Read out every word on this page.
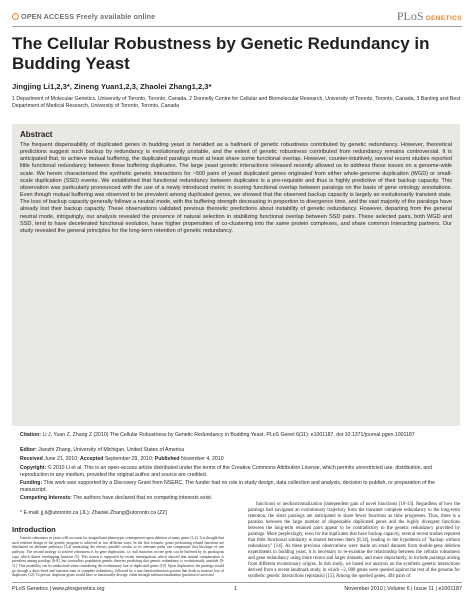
OPEN ACCESS Freely available online	PLoS GENETICS
The Cellular Robustness by Genetic Redundancy in Budding Yeast
Jingjing Li1,2,3*, Zineng Yuan1,2,3, Zhaolei Zhang1,2,3*
1 Department of Molecular Genetics, University of Toronto, Toronto, Canada, 2 Donnelly Centre for Cellular and Biomolecular Research, University of Toronto, Toronto, Canada, 3 Banting and Best Department of Medical Research, University of Toronto, Toronto, Canada
Abstract

The frequent dispensability of duplicated genes in budding yeast is heralded as a hallmark of genetic robustness contributed by genetic redundancy. However, theoretical predictions suggest such backup by redundancy is evolutionarily unstable, and the extent of genetic robustness contributed from redundancy remains controversial. It is anticipated that, to achieve mutual buffering, the duplicated paralogs must at least share some functional overlap. However, counter-intuitively, several recent studies reported little functional redundancy between these buffering duplicates. The large yeast genetic interactions released recently allowed us to address these issues on a genome-wide scale. We herein characterized the synthetic genetic interactions for ~500 pairs of yeast duplicated genes originated from either whole-genome duplication (WGD) or small-scale duplication (SSD) events. We established that functional redundancy between duplicates is a pre-requisite and thus is highly predictive of their backup capacity. This observation was particularly pronounced with the use of a newly introduced metric in scoring functional overlap between paralogs on the basis of gene ontology annotations. Even though mutual buffering was observed to be prevalent among duplicated genes, we showed that the observed backup capacity is largely an evolutionarily transient state. The loss of backup capacity generally follows a neutral mode, with the buffering strength decreasing in proportion to divergence time, and the vast majority of the paralogs have already lost their backup capacity. These observations validated previous theoretic predictions about instability of genetic redundancy. However, departing from the general neutral mode, intriguingly, our analysis revealed the presence of natural selection in stabilizing functional overlap between SSD pairs. These selected pairs, both WGD and SSD, tend to have decelerated functional evolution, have higher propensities of co-clustering into the same protein complexes, and share common interacting partners. Our study revealed the general principles for the long-term retention of genetic redundancy.

Citation: Li J, Yuan Z, Zhang Z (2010) The Cellular Robustness by Genetic Redundancy in Budding Yeast. PLoS Genet 6(11): e1001187. doi:10.1371/journal.pgen.1001187

Editor: Jianzhi Zhang, University of Michigan, United States of America

Received June 21, 2010; Accepted September 29, 2010; Published November 4, 2010

Copyright: © 2010 Li et al. This is an open-access article distributed under the terms of the Creative Commons Attribution License, which permits unrestricted use, distribution, and reproduction in any medium, provided the original author and source are credited.

Funding: This work was supported by a Discovery Grant from NSERC. The funder had no role in study design, data collection and analysis, decision to publish, or preparation of the manuscript.

Competing Interests: The authors have declared that no competing interests exist.

* E-mail: jj.li@utoronto.ca (JL); Zhaolei.Zhang@utoronto.ca (ZZ)

Introduction

Genetic robustness in yeast cells accounts for insignificant phenotypic consequences upon deletion of many genes [1,2]. It is thought that such resilient design of the genetic program is achieved in two different ways. In the first scenario, genes performing related functions are distributed on alternate pathways [3,4] mimicking the electric parallel circuits so its alternate paths can compensate that blockage of one pathway. The second strategy to achieve robustness is by gene duplication, i.e. null mutation on one gene can be buffered by its paralogous copy which shares overlapping function [5]. This notion is supported by recent investigations which showed that mutual compensation is prevalent among paralogs [6-8], but contradicts population genetic theories predicting that genetic redundancy is evolutionarily unstable [9-11]. This instability can be understood when considering the evolutionary fate of duplicated genes [10]. Upon duplication, the paralogs would go through a short-lived and transient state of complete redundancy, followed by a non-functionalization process that leads to massive loss of duplicates [12]. To persist, duplicate genes would have to functionally diverge, either through subfunctionalization (partition of ancestral

functions) or neofunctionalization (independent gain of novel functions) [10-13]. Regardless of how the paralogs had navigated an evolutionary trajectory from the transient complete redundancy to the long-term retention, the sister paralogs are anticipated to share fewer functions as time progresses. Thus, there is a paradox between the large number of dispensable duplicated genes and the highly divergent functions between the long-term retained pairs appear to be contradictory to the genetic redundancy provided by paralogs. More perplexingly, even for the duplicates that have backup capacity, several recent studies reported that little functional similarity is shared between them [8,14], leading to the hypothesis of "backup without redundancy" [14]. As these previous observations were made on small datasets from double-gene deletion experiments in budding yeast, it is necessary to re-examine the relationship between the cellular robustness and gene redundancy using more recent and larger datasets, and more importantly, to include paralogs arising from different evolutionary origins. In this study, we based our analysis on the synthetic genetic interactions derived from a recent landmark study, in which ~2, 000 genes were queried against the rest of the genome for synthetic genetic interactions (epistasis) [15]. Among the queried genes, 494 pairs of

PLoS Genetics | www.plosgenetics.org	1	November 2010 | Volume 6 | Issue 11 | e1001187
